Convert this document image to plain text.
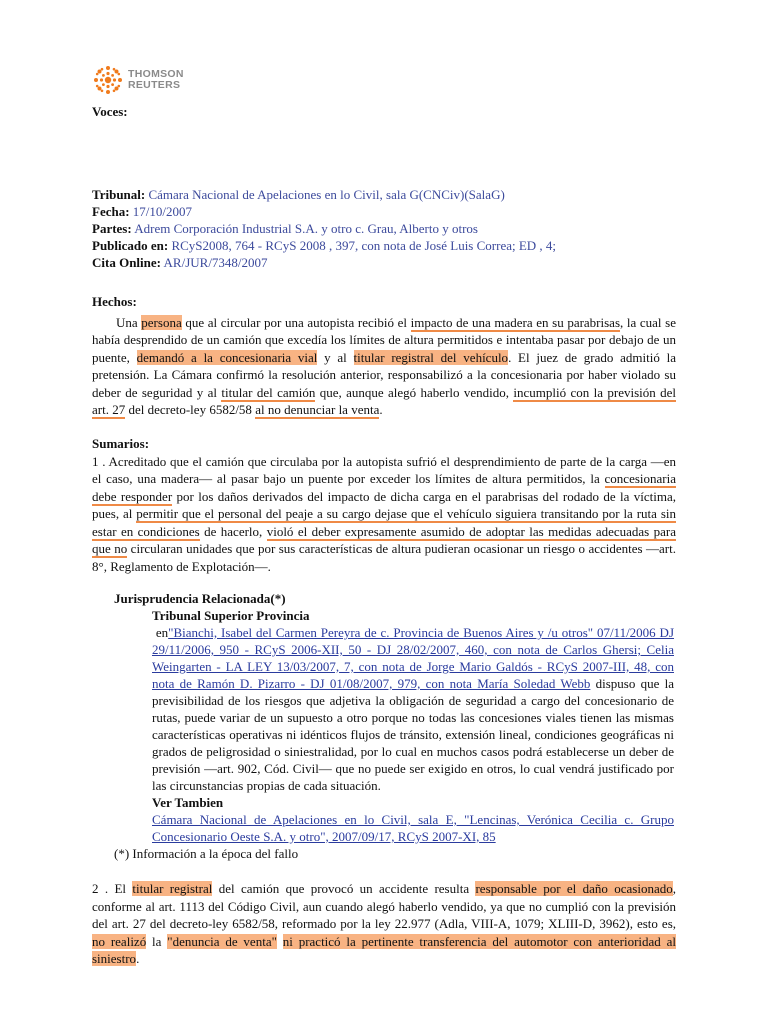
THOMSON
REUTERS
Voces:
Tribunal: Cámara Nacional de Apelaciones en lo Civil, sala G(CNCiv)(SalaG)
Fecha: 17/10/2007
Partes: Adrem Corporación Industrial S.A. y otro c. Grau, Alberto y otros
Publicado en: RCyS2008, 764 - RCyS 2008 , 397, con nota de José Luis Correa; ED , 4;
Cita Online: AR/JUR/7348/2007
Hechos:
Una persona que al circular por una autopista recibió el impacto de una madera en su parabrisas, la cual se había desprendido de un camión que excedía los límites de altura permitidos e intentaba pasar por debajo de un puente, demandó a la concesionaria vial y al titular registral del vehículo. El juez de grado admitió la pretensión. La Cámara confirmó la resolución anterior, responsabilizó a la concesionaria por haber violado su deber de seguridad y al titular del camión que, aunque alegó haberlo vendido, incumplió con la previsión del art. 27 del decreto-ley 6582/58 al no denunciar la venta.
Sumarios:
1 . Acreditado que el camión que circulaba por la autopista sufrió el desprendimiento de parte de la carga —en el caso, una madera— al pasar bajo un puente por exceder los límites de altura permitidos, la concesionaria debe responder por los daños derivados del impacto de dicha carga en el parabrisas del rodado de la víctima, pues, al permitir que el personal del peaje a su cargo dejase que el vehículo siguiera transitando por la ruta sin estar en condiciones de hacerlo, violó el deber expresamente asumido de adoptar las medidas adecuadas para que no circularan unidades que por sus características de altura pudieran ocasionar un riesgo o accidentes —art. 8°, Reglamento de Explotación—.
Jurisprudencia Relacionada(*)
Tribunal Superior Provincia
en"Bianchi, Isabel del Carmen Pereyra de c. Provincia de Buenos Aires y /u otros" 07/11/2006 DJ 29/11/2006, 950 - RCyS 2006-XII, 50 - DJ 28/02/2007, 460, con nota de Carlos Ghersi; Celia Weingarten - LA LEY 13/03/2007, 7, con nota de Jorge Mario Galdós - RCyS 2007-III, 48, con nota de Ramón D. Pizarro - DJ 01/08/2007, 979, con nota María Soledad Webb dispuso que la previsibilidad de los riesgos que adjetiva la obligación de seguridad a cargo del concesionario de rutas, puede variar de un supuesto a otro porque no todas las concesiones viales tienen las mismas características operativas ni idénticos flujos de tránsito, extensión lineal, condiciones geográficas ni grados de peligrosidad o siniestralidad, por lo cual en muchos casos podrá establecerse un deber de previsión —art. 902, Cód. Civil— que no puede ser exigido en otros, lo cual vendrá justificado por las circunstancias propias de cada situación.
Ver Tambien
Cámara Nacional de Apelaciones en lo Civil, sala E, "Lencinas, Verónica Cecilia c. Grupo Concesionario Oeste S.A. y otro", 2007/09/17, RCyS 2007-XI, 85
(*) Información a la época del fallo
2 . El titular registral del camión que provocó un accidente resulta responsable por el daño ocasionado, conforme al art. 1113 del Código Civil, aun cuando alegó haberlo vendido, ya que no cumplió con la previsión del art. 27 del decreto-ley 6582/58, reformado por la ley 22.977 (Adla, VIII-A, 1079; XLIII-D, 3962), esto es, no realizó la "denuncia de venta" ni practicó la pertinente transferencia del automotor con anterioridad al siniestro.
